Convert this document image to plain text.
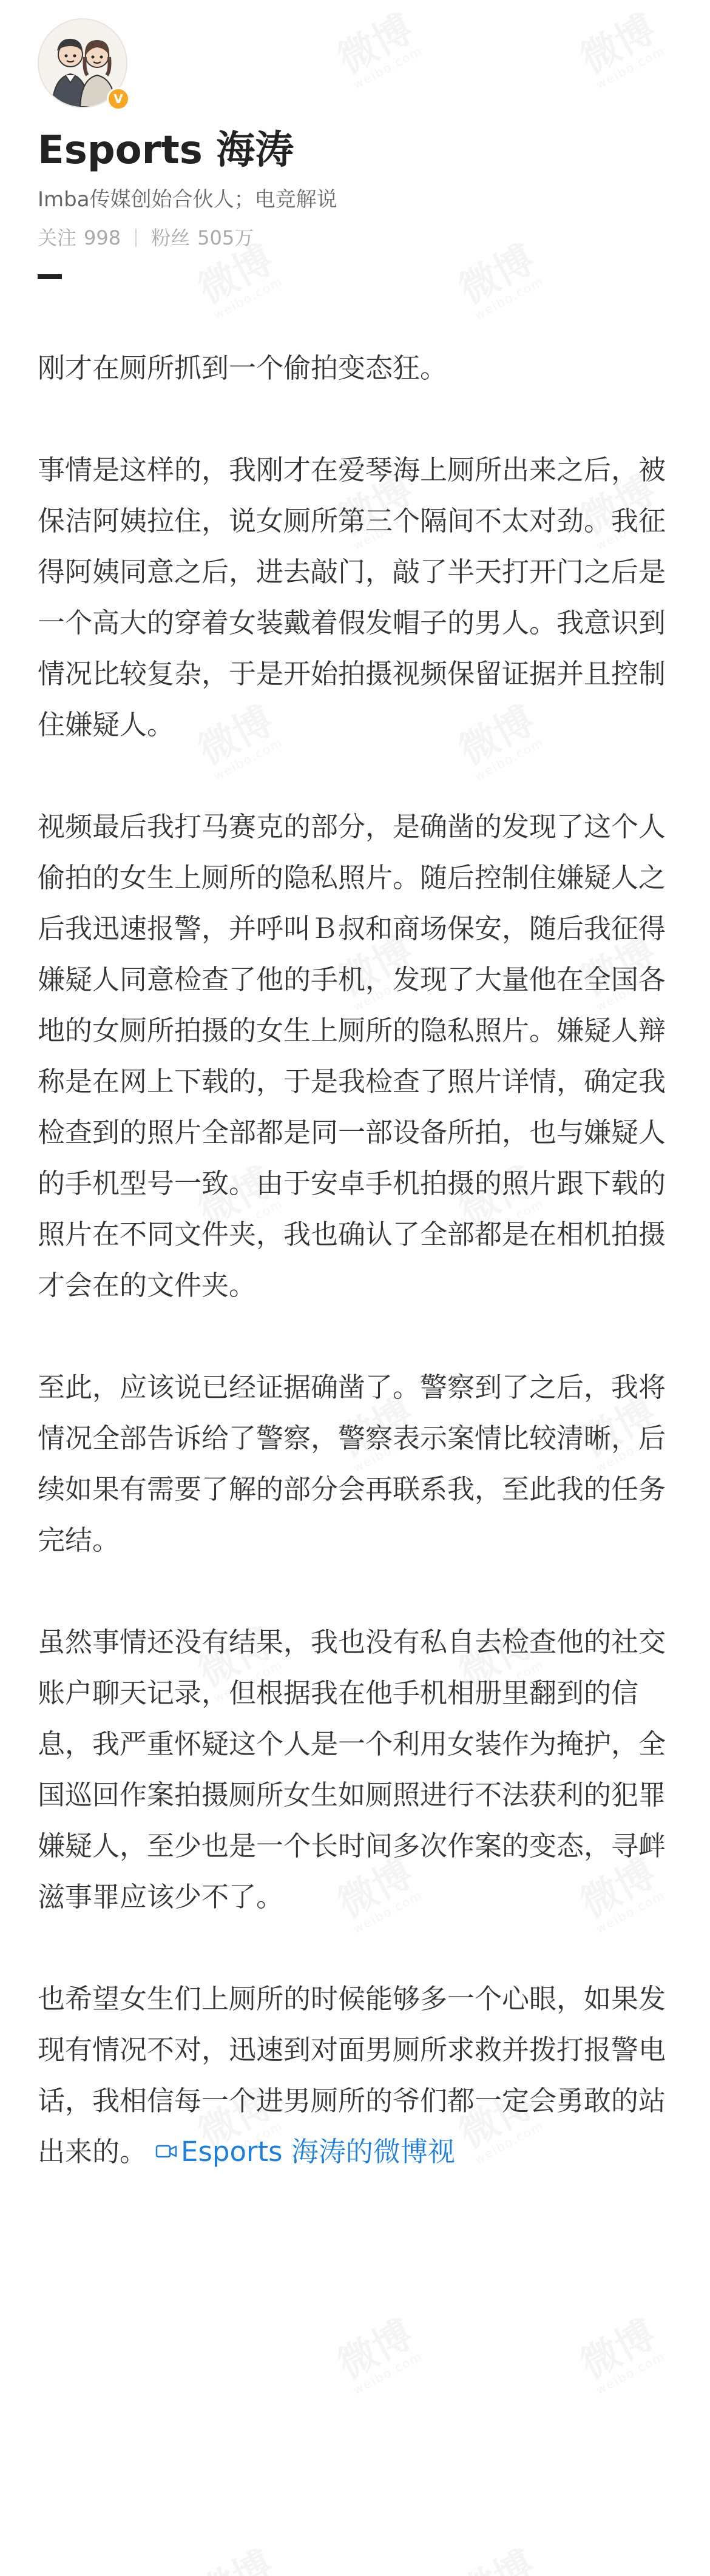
V
Esports 海涛
Imba传媒创始合伙人；电竞解说
关注 998 粉丝 505万

刚才在厕所抓到一个偷拍变态狂。

事情是这样的，我刚才在爱琴海上厕所出来之后，被保洁阿姨拉住，说女厕所第三个隔间不太对劲。我征得阿姨同意之后，进去敲门，敲了半天打开门之后是一个高大的穿着女装戴着假发帽子的男人。我意识到情况比较复杂，于是开始拍摄视频保留证据并且控制住嫌疑人。

视频最后我打马赛克的部分，是确凿的发现了这个人偷拍的女生上厕所的隐私照片。随后控制住嫌疑人之后我迅速报警，并呼叫Ｂ叔和商场保安，随后我征得嫌疑人同意检查了他的手机，发现了大量他在全国各地的女厕所拍摄的女生上厕所的隐私照片。嫌疑人辩称是在网上下载的，于是我检查了照片详情，确定我检查到的照片全部都是同一部设备所拍，也与嫌疑人的手机型号一致。由于安卓手机拍摄的照片跟下载的照片在不同文件夹，我也确认了全部都是在相机拍摄才会在的文件夹。

至此，应该说已经证据确凿了。警察到了之后，我将情况全部告诉给了警察，警察表示案情比较清晰，后续如果有需要了解的部分会再联系我，至此我的任务完结。

虽然事情还没有结果，我也没有私自去检查他的社交账户聊天记录，但根据我在他手机相册里翻到的信息，我严重怀疑这个人是一个利用女装作为掩护，全国巡回作案拍摄厕所女生如厕照进行不法获利的犯罪嫌疑人，至少也是一个长时间多次作案的变态，寻衅滋事罪应该少不了。

也希望女生们上厕所的时候能够多一个心眼，如果发现有情况不对，迅速到对面男厕所求救并拨打报警电话，我相信每一个进男厕所的爷们都一定会勇敢的站出来的。 Esports 海涛的微博视
